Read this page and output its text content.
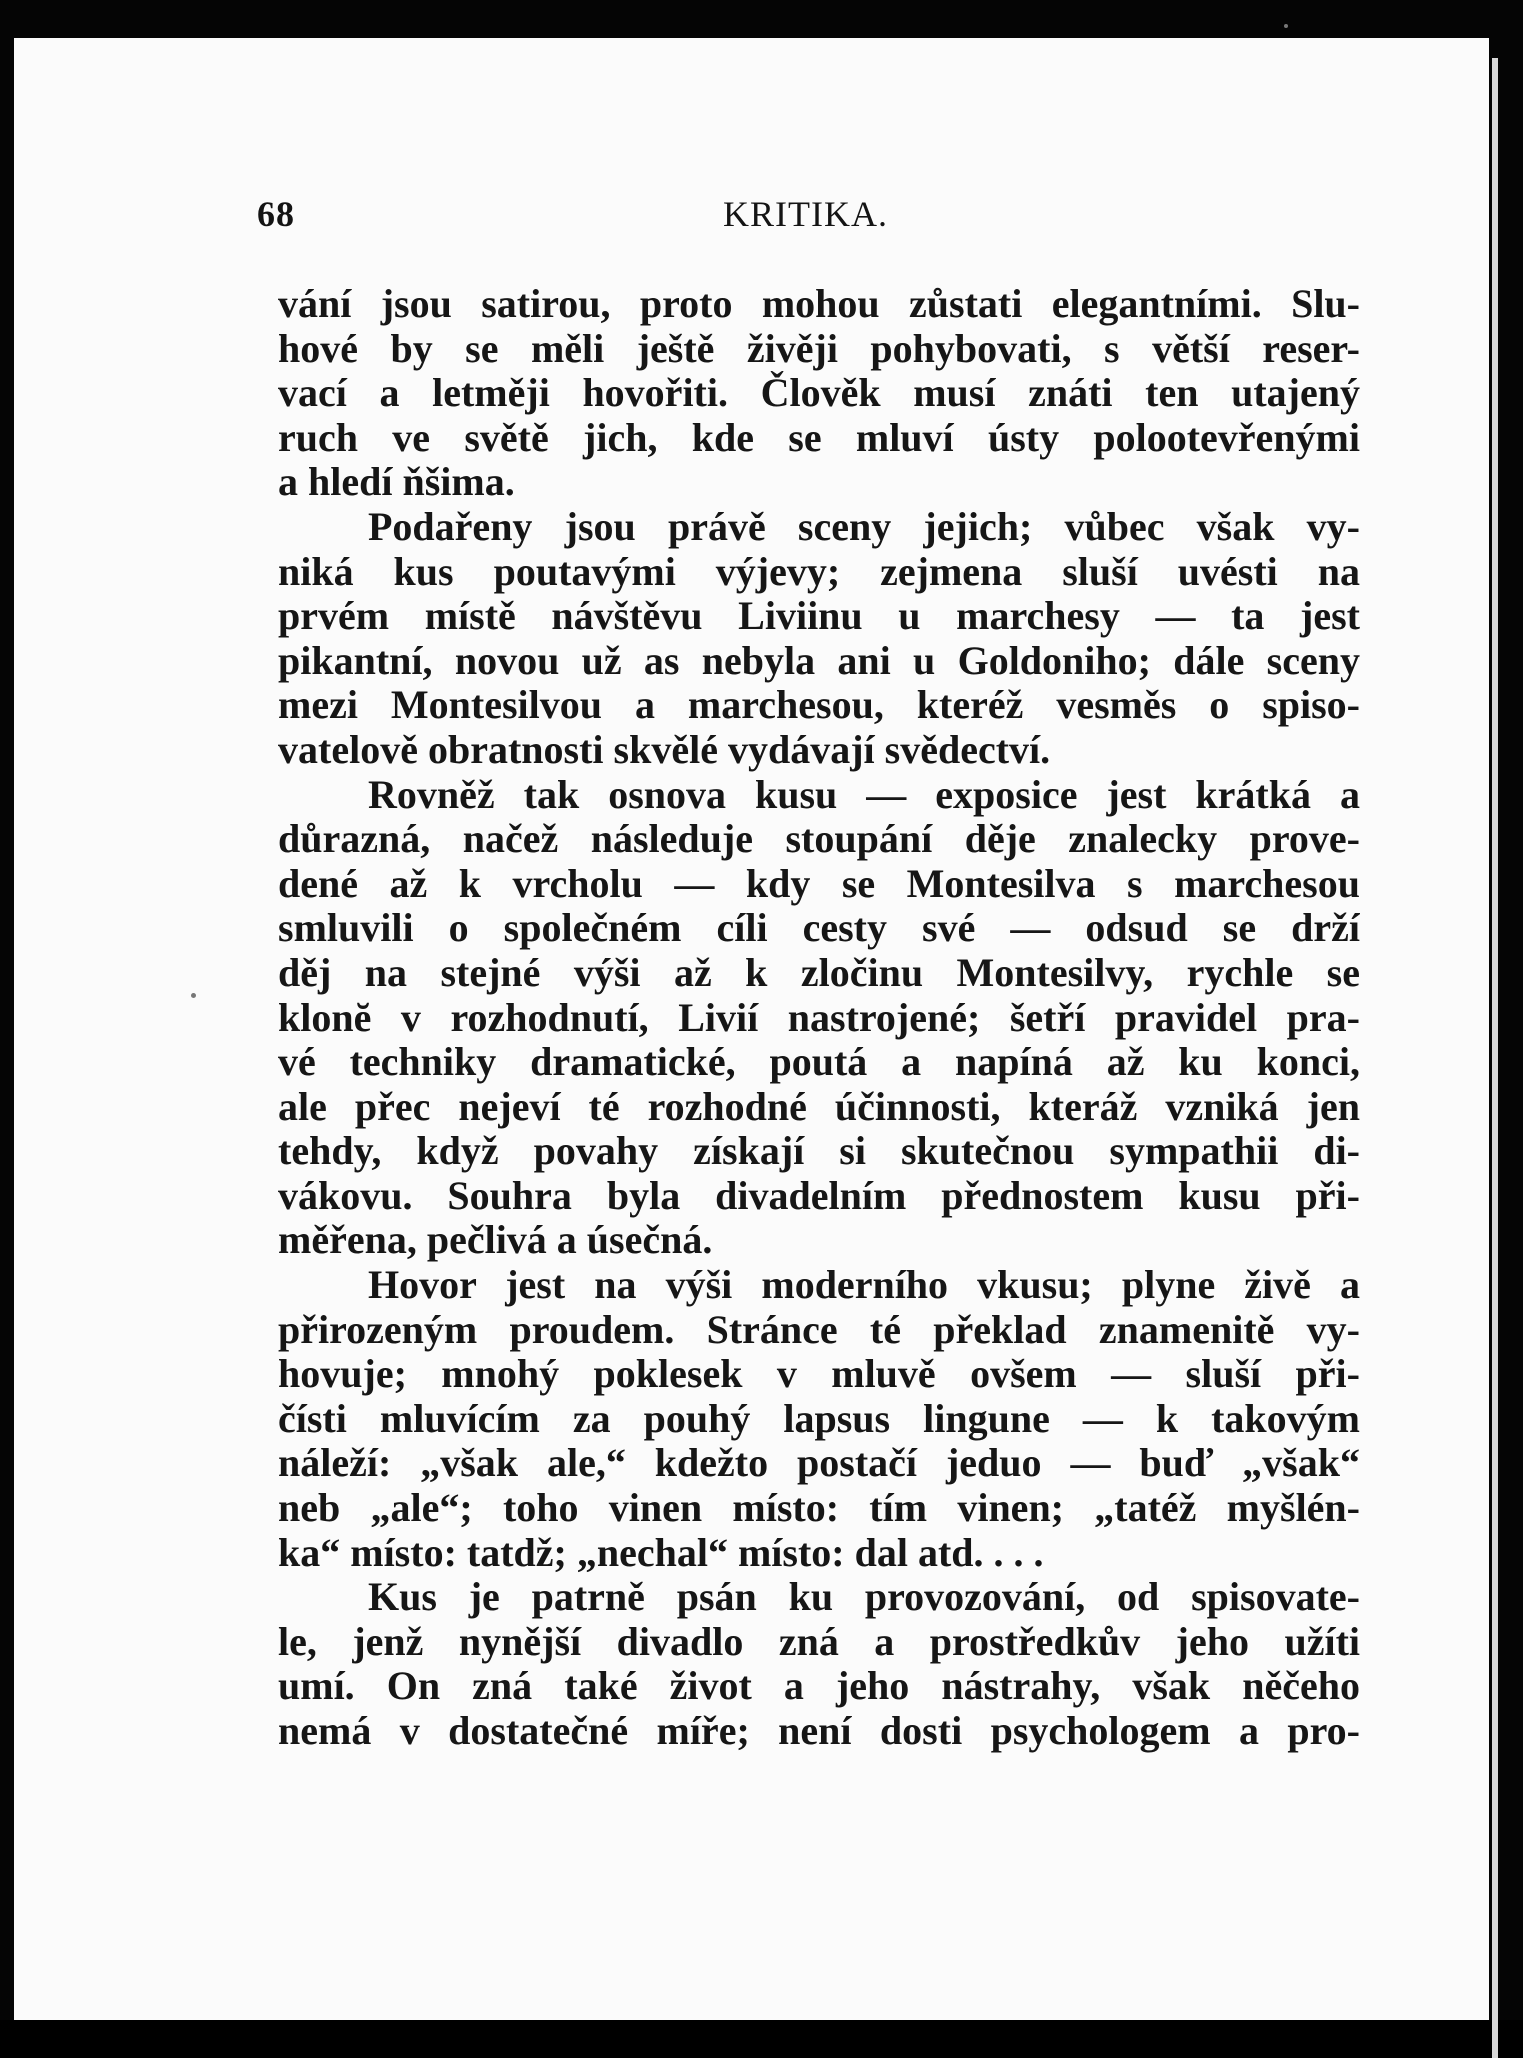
68	KRITIKA.
vání jsou satirou, proto mohou zůstati elegantními. Slu-
hové by se měli ještě živěji pohybovati, s větší reser-
vací a letměji hovořiti. Člověk musí znáti ten utajený
ruch ve světě jich, kde se mluví ústy polootevřenými
a hledí ňšima.
Podařeny jsou právě sceny jejich; vůbec však vy-
niká kus poutavými výjevy; zejmena sluší uvésti na
prvém místě návštěvu Liviinu u marchesy — ta jest
pikantní, novou už as nebyla ani u Goldoniho; dále sceny
mezi Montesilvou a marchesou, kteréž vesměs o spiso-
vatelově obratnosti skvělé vydávají svědectví.
Rovněž tak osnova kusu — exposice jest krátká a
důrazná, načež následuje stoupání děje znalecky prove-
dené až k vrcholu — kdy se Montesilva s marchesou
smluvili o společném cíli cesty své — odsud se drží
děj na stejné výši až k zločinu Montesilvy, rychle se
klonĕ v rozhodnutí, Livií nastrojené; šetří pravidel pra-
vé techniky dramatické, poutá a napíná až ku konci,
ale přec nejeví té rozhodné účinnosti, kteráž vzniká jen
tehdy, když povahy získají si skutečnou sympathii di-
vákovu. Souhra byla divadelním přednostem kusu při-
měřena, pečlivá a úsečná.
Hovor jest na výši moderního vkusu; plyne živě a
přirozeným proudem. Stránce té překlad znamenitě vy-
hovuje; mnohý poklesek v mluvě ovšem — sluší při-
čísti mluvícím za pouhý lapsus lingune — k takovým
náleží: „však ale,“ kdežto postačí jeduo — buď „však“
neb „ale“; toho vinen místo: tím vinen; „tatéž myšlén-
ka“ místo: tatdž; „nechal“ místo: dal atd. . . .
Kus je patrně psán ku provozování, od spisovate-
le, jenž nynější divadlo zná a prostředkův jeho užíti
umí. On zná také život a jeho nástrahy, však něčeho
nemá v dostatečné míře; není dosti psychologem a pro-
